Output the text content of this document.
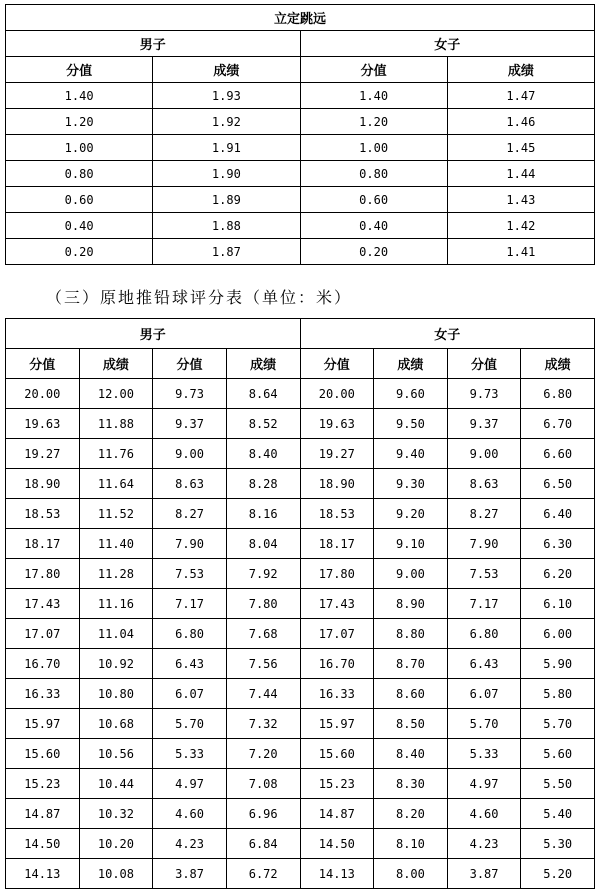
立定跳远			
男子		女子	
分值	成绩	分值	成绩
1.40	1.93	1.40	1.47
1.20	1.92	1.20	1.46
1.00	1.91	1.00	1.45
0.80	1.90	0.80	1.44
0.60	1.89	0.60	1.43
0.40	1.88	0.40	1.42
0.20	1.87	0.20	1.41
（三）原地推铅球评分表（单位：米）
男子				女子			
分值	成绩	分值	成绩	分值	成绩	分值	成绩
20.00	12.00	9.73	8.64	20.00	9.60	9.73	6.80
19.63	11.88	9.37	8.52	19.63	9.50	9.37	6.70
19.27	11.76	9.00	8.40	19.27	9.40	9.00	6.60
18.90	11.64	8.63	8.28	18.90	9.30	8.63	6.50
18.53	11.52	8.27	8.16	18.53	9.20	8.27	6.40
18.17	11.40	7.90	8.04	18.17	9.10	7.90	6.30
17.80	11.28	7.53	7.92	17.80	9.00	7.53	6.20
17.43	11.16	7.17	7.80	17.43	8.90	7.17	6.10
17.07	11.04	6.80	7.68	17.07	8.80	6.80	6.00
16.70	10.92	6.43	7.56	16.70	8.70	6.43	5.90
16.33	10.80	6.07	7.44	16.33	8.60	6.07	5.80
15.97	10.68	5.70	7.32	15.97	8.50	5.70	5.70
15.60	10.56	5.33	7.20	15.60	8.40	5.33	5.60
15.23	10.44	4.97	7.08	15.23	8.30	4.97	5.50
14.87	10.32	4.60	6.96	14.87	8.20	4.60	5.40
14.50	10.20	4.23	6.84	14.50	8.10	4.23	5.30
14.13	10.08	3.87	6.72	14.13	8.00	3.87	5.20
